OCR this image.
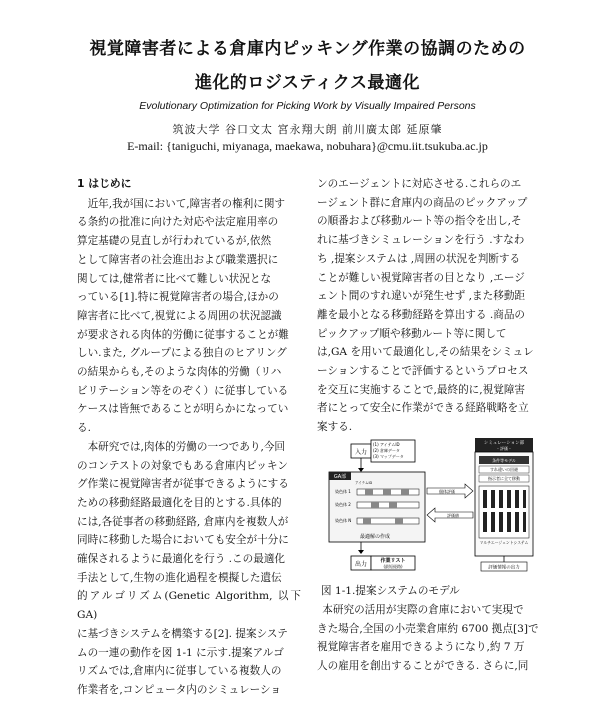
視覚障害者による倉庫内ピッキング作業の協調のための
進化的ロジスティクス最適化
Evolutionary Optimization for Picking Work by Visually Impaired Persons
筑波大学 谷口文太 宮永翔大朗 前川廣太郎 延原肇
E-mail: {taniguchi, miyanaga, maekawa, nobuhara}@cmu.iit.tsukuba.ac.jp
1 はじめに

近年,我が国において,障害者の権利に関す
る条約の批准に向けた対応や法定雇用率の
算定基礎の見直しが行われているが,依然
として障害者の社会進出および職業選択に
関しては,健常者に比べて難しい状況とな
っている[1].特に視覚障害者の場合,ほかの
障害者に比べて,視覚による周囲の状況認識
が要求される肉体的労働に従事することが難
しい.また, グループによる独自のヒアリング
の結果からも,そのような肉体的労働（リハ
ビリテーション等をのぞく）に従事している
ケースは皆無であることが明らかになってい
る.

本研究では,肉体的労働の一つであり,今回
のコンテストの対象でもある倉庫内ピッキン
グ作業に視覚障害者が従事できるようにする
ための移動経路最適化を目的とする.具体的
には,各従事者の移動経路, 倉庫内を複数人が
同時に移動した場合においても安全が十分に
確保されるように最適化を行う .この最適化
手法として,生物の進化過程を模擬した遺伝
的アルゴリズム(Genetic Algorithm, 以下 GA)
に基づきシステムを構築する[2]. 提案システ
ムの一連の動作を図 1-1 に示す.提案アルゴ
リズムでは,倉庫内に従事している複数人の
作業者を,コンピュータ内のシミュレーショ

ンのエージェントに対応させる.これらのエ
ージェント群に倉庫内の商品のピックアップ
の順番および移動ルート等の指令を出し,そ
れに基づきシミュレーションを行う .すなわ
ち ,提案システムは ,周囲の状況を判断する
ことが難しい視覚障害者の目となり ,エージ
ェント間のすれ違いが発生せず ,また移動距
離を最小となる移動経路を算出する .商品の
ピックアップ順や移動ルート等に関して
は,GA を用いて最適化し,その結果をシミュレ
ーションすることで評価するというプロセス
を交互に実施することで,最終的に,視覚障害
者にとって安全に作業ができる経路戦略を立
案する.

入力
(1) アイテムID
(2) 倉庫データ
(3) マップデータ
GA部
アイテムID
染色体 1
染色体 2
染色体 N
最適解の作成
出力	作業リスト
(最短経路)
個体評価
評価値
シミュレーション部
- 評価 -
条件等モデル
すれ違いの回避
指示者に全て移動
マルチエージェントシステム
評価情報の出力
図 1-1.提案システムのモデル

本研究の活用が実際の倉庫において実現で
きた場合,全国の小売業倉庫約 6700 拠点[3]で
視覚障害者を雇用できるようになり,約 7 万
人の雇用を創出することができる. さらに,同
